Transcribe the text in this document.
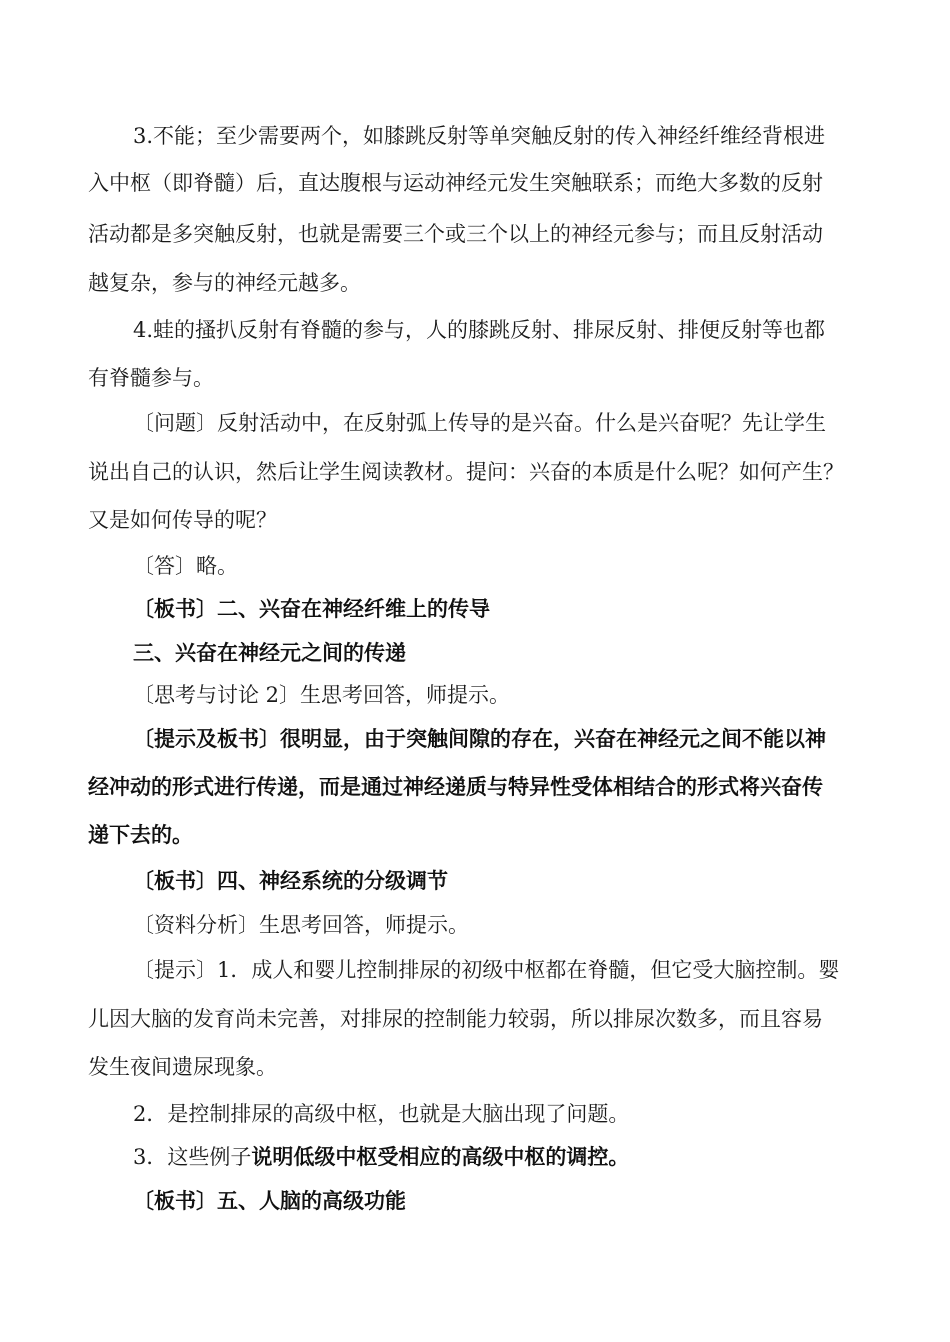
3.不能；至少需要两个，如膝跳反射等单突触反射的传入神经纤维经背根进
入中枢（即脊髓）后，直达腹根与运动神经元发生突触联系；而绝大多数的反射
活动都是多突触反射，也就是需要三个或三个以上的神经元参与；而且反射活动
越复杂，参与的神经元越多。
4.蛙的搔扒反射有脊髓的参与，人的膝跳反射、排尿反射、排便反射等也都
有脊髓参与。
〔问题〕反射活动中，在反射弧上传导的是兴奋。什么是兴奋呢？先让学生
说出自己的认识，然后让学生阅读教材。提问：兴奋的本质是什么呢？如何产生？
又是如何传导的呢？
〔答〕略。
〔板书〕二、兴奋在神经纤维上的传导
三、兴奋在神经元之间的传递
〔思考与讨论 2〕生思考回答，师提示。
〔提示及板书〕很明显，由于突触间隙的存在，兴奋在神经元之间不能以神
经冲动的形式进行传递，而是通过神经递质与特异性受体相结合的形式将兴奋传
递下去的。
〔板书〕四、神经系统的分级调节
〔资料分析〕生思考回答，师提示。
〔提示〕1．成人和婴儿控制排尿的初级中枢都在脊髓，但它受大脑控制。婴
儿因大脑的发育尚未完善，对排尿的控制能力较弱，所以排尿次数多，而且容易
发生夜间遗尿现象。
2．是控制排尿的高级中枢，也就是大脑出现了问题。
3．这些例子说明低级中枢受相应的高级中枢的调控。
〔板书〕五、人脑的高级功能
